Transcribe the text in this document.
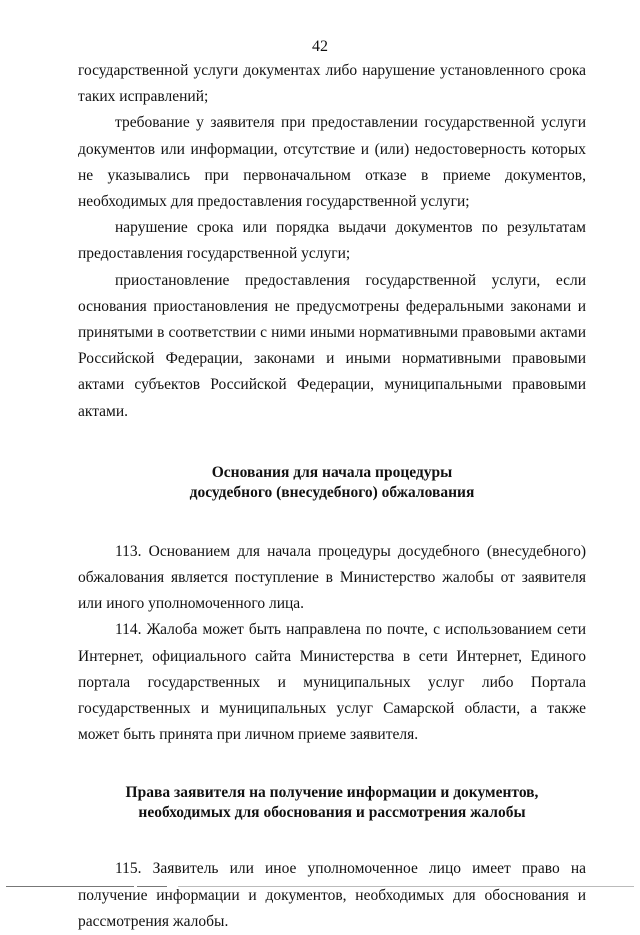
42

государственной услуги документах либо нарушение установленного срока таких исправлений;

требование у заявителя при предоставлении государственной услуги документов или информации, отсутствие и (или) недостоверность которых не указывались при первоначальном отказе в приеме документов, необходимых для предоставления государственной услуги;

нарушение срока или порядка выдачи документов по результатам предоставления государственной услуги;

приостановление предоставления государственной услуги, если основания приостановления не предусмотрены федеральными законами и принятыми в соответствии с ними иными нормативными правовыми актами Российской Федерации, законами и иными нормативными правовыми актами субъектов Российской Федерации, муниципальными правовыми актами.

Основания для начала процедуры
досудебного (внесудебного) обжалования

113. Основанием для начала процедуры досудебного (внесудебного) обжалования является поступление в Министерство жалобы от заявителя или иного уполномоченного лица.

114. Жалоба может быть направлена по почте, с использованием сети Интернет, официального сайта Министерства в сети Интернет, Единого портала государственных и муниципальных услуг либо Портала государственных и муниципальных услуг Самарской области, а также может быть принята при личном приеме заявителя.

Права заявителя на получение информации и документов,
необходимых для обоснования и рассмотрения жалобы

115. Заявитель или иное уполномоченное лицо имеет право на получение информации и документов, необходимых для обоснования и рассмотрения жалобы.
